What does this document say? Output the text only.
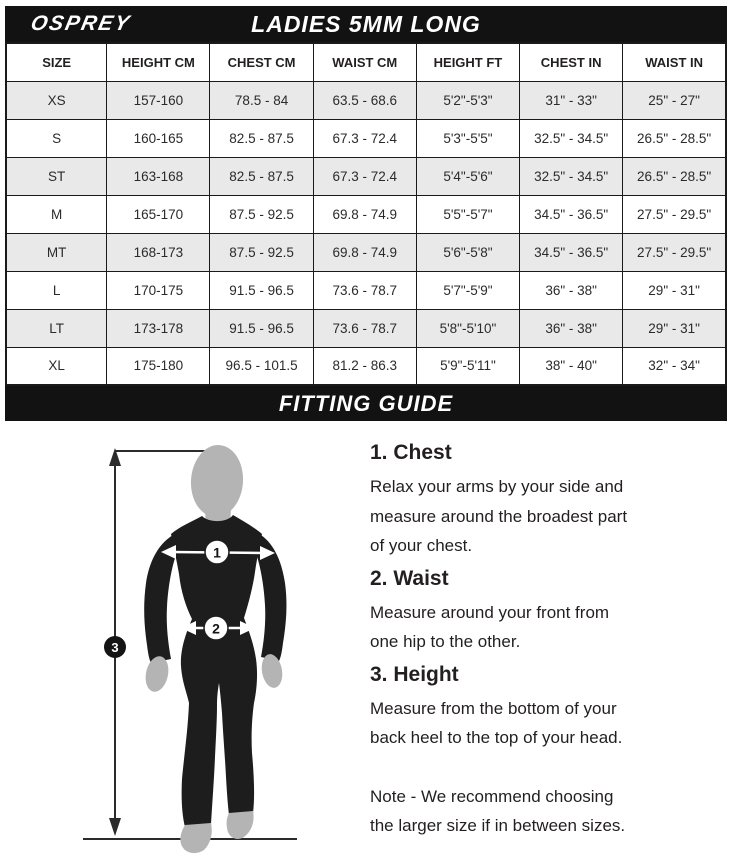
OSPREY	LADIES 5MM LONG
SIZE	HEIGHT CM	CHEST CM	WAIST CM	HEIGHT FT	CHEST IN	WAIST IN
XS	157-160	78.5 - 84	63.5 - 68.6	5'2"-5'3"	31" - 33"	25" - 27"
S	160-165	82.5 - 87.5	67.3 - 72.4	5'3"-5'5"	32.5" - 34.5"	26.5" - 28.5"
ST	163-168	82.5 - 87.5	67.3 - 72.4	5'4"-5'6"	32.5" - 34.5"	26.5" - 28.5"
M	165-170	87.5 - 92.5	69.8 - 74.9	5'5"-5'7"	34.5" - 36.5"	27.5" - 29.5"
MT	168-173	87.5 - 92.5	69.8 - 74.9	5'6"-5'8"	34.5" - 36.5"	27.5" - 29.5"
L	170-175	91.5 - 96.5	73.6 - 78.7	5'7"-5'9"	36" - 38"	29" - 31"
LT	173-178	91.5 - 96.5	73.6 - 78.7	5'8"-5'10"	36" - 38"	29" - 31"
XL	175-180	96.5 - 101.5	81.2 - 86.3	5'9"-5'11"	38" - 40"	32" - 34"
FITTING GUIDE
1
2
3
1. Chest
Relax your arms by your side and
measure around the broadest part
of your chest.
2. Waist
Measure around your front from
one hip to the other.
3. Height
Measure from the bottom of your
back heel to the top of your head.
Note - We recommend choosing
the larger size if in between sizes.
